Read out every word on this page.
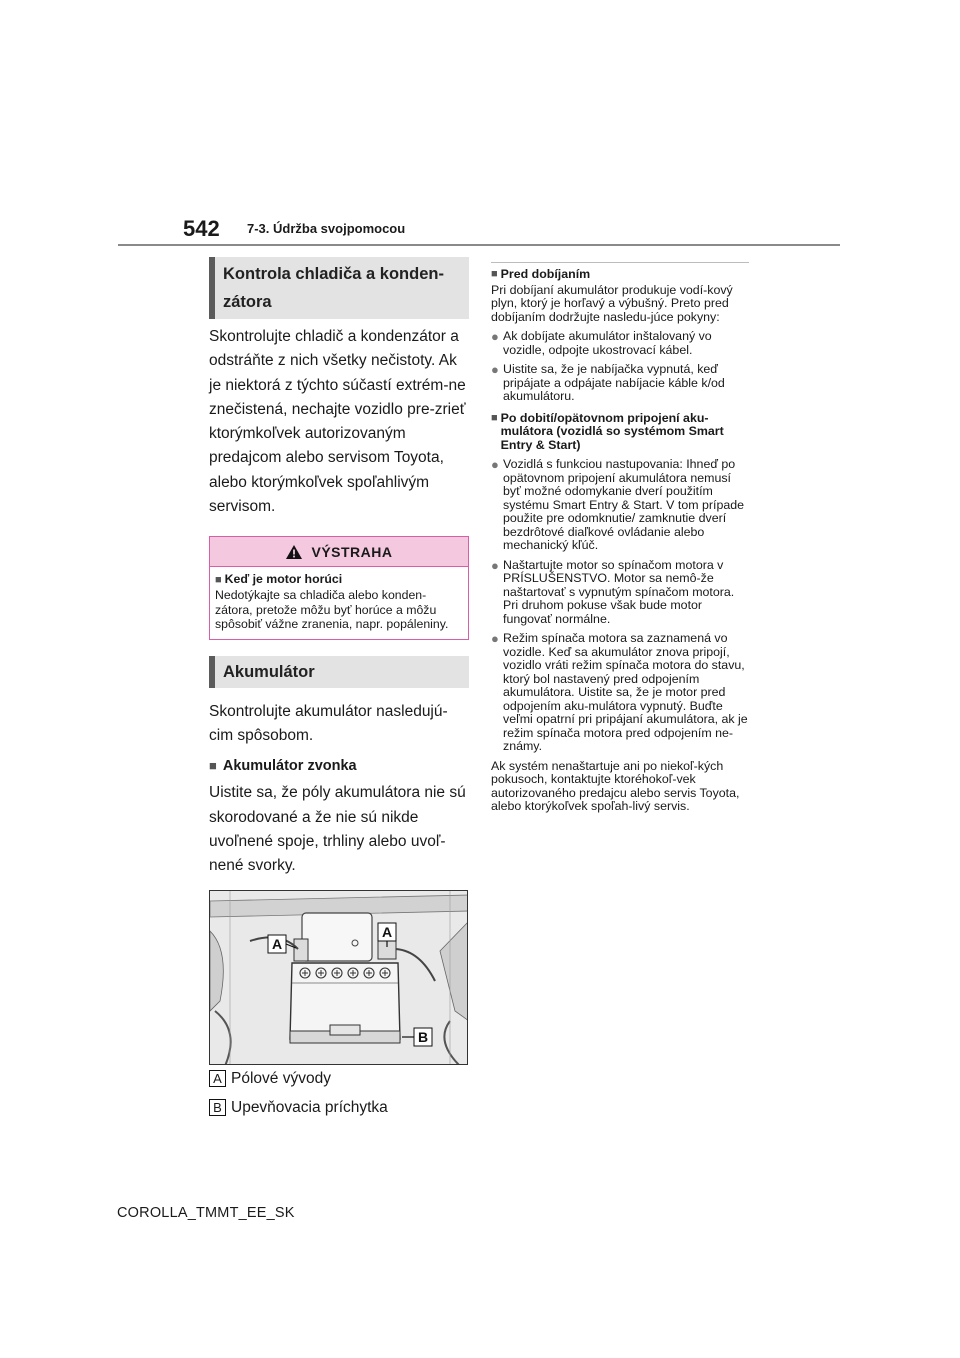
542 7-3. Údržba svojpomocou
Kontrola chladiča a konden-zátora

Skontrolujte chladič a kondenzátor a odstráňte z nich všetky nečistoty. Ak je niektorá z týchto súčastí extrém-ne znečistená, nechajte vozidlo pre-zrieť ktorýmkoľvek autorizovaným predajcom alebo servisom Toyota, alebo ktorýmkoľvek spoľahlivým servisom.

VÝSTRAHA
■ Keď je motor horúci
Nedotýkajte sa chladiča alebo konden-zátora, pretože môžu byť horúce a môžu spôsobiť vážne zranenia, napr. popáleniny.
Akumulátor

Skontrolujte akumulátor nasledujú-cim spôsobom.

■ Akumulátor zvonka

Uistite sa, že póly akumulátora nie sú skorodované a že nie sú nikde uvoľnené spoje, trhliny alebo uvoľ-nené svorky.

A
A
B
A Pólové vývody
B Upevňovacia príchytka
■ Pred dobíjaním

Pri dobíjaní akumulátor produkuje vodí-kový plyn, ktorý je horľavý a výbušný. Preto pred dobíjaním dodržujte nasledu-júce pokyny:

● Ak dobíjate akumulátor inštalovaný vo vozidle, odpojte ukostrovací kábel.
● Uistite sa, že je nabíjačka vypnutá, keď pripájate a odpájate nabíjacie káble k/od akumulátoru.
■ Po dobití/opätovnom pripojení aku-mulátora (vozidlá so systémom Smart Entry & Start)
● Vozidlá s funkciou nastupovania: Ihneď po opätovnom pripojení akumulátora nemusí byť možné odomykanie dverí použitím systému Smart Entry & Start. V tom prípade použite pre odomknutie/ zamknutie dverí bezdrôtové diaľkové ovládanie alebo mechanický kľúč.
● Naštartujte motor so spínačom motora v PRÍSLUŠENSTVO. Motor sa nemô-že naštartovať s vypnutým spínačom motora. Pri druhom pokuse však bude motor fungovať normálne.
● Režim spínača motora sa zaznamená vo vozidle. Keď sa akumulátor znova pripojí, vozidlo vráti režim spínača motora do stavu, ktorý bol nastavený pred odpojením akumulátora. Uistite sa, že je motor pred odpojením aku-mulátora vypnutý. Buďte veľmi opatrní pri pripájaní akumulátora, ak je režim spínača motora pred odpojením ne-známy.

Ak systém nenaštartuje ani po niekoľ-kých pokusoch, kontaktujte ktoréhokoľ-vek autorizovaného predajcu alebo servis Toyota, alebo ktorýkoľvek spoľah-livý servis.

COROLLA_TMMT_EE_SK
